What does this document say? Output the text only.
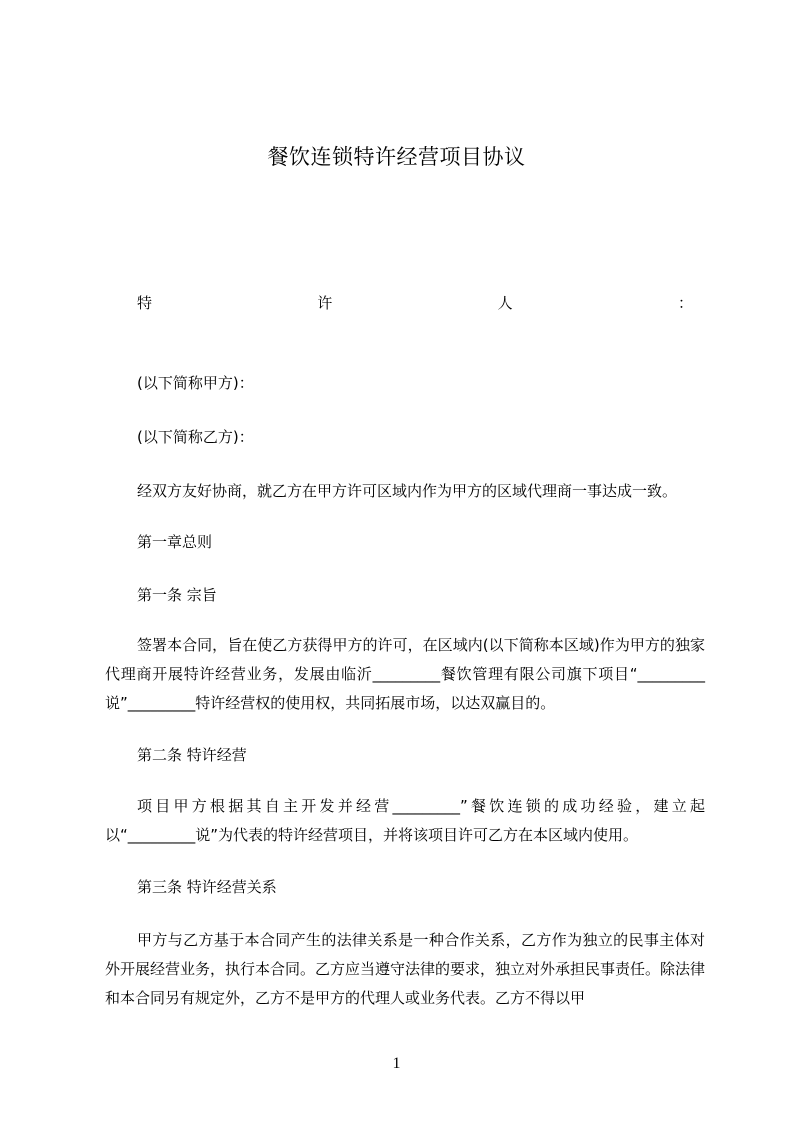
餐饮连锁特许经营项目协议
特	许	人	：

(以下简称甲方)：

(以下简称乙方)：

经双方友好协商，就乙方在甲方许可区域内作为甲方的区域代理商一事达成一致。

第一章总则

第一条 宗旨

签署本合同，旨在使乙方获得甲方的许可，在区域内(以下简称本区域)作为甲方的独家代理商开展特许经营业务，发展由临沂_________餐饮管理有限公司旗下项目“_________说”_________特许经营权的使用权，共同拓展市场，以达双赢目的。

第二条 特许经营

项目甲方根据其自主开发并经营_________”餐饮连锁的成功经验，建立起以“_________说”为代表的特许经营项目，并将该项目许可乙方在本区域内使用。

第三条 特许经营关系

甲方与乙方基于本合同产生的法律关系是一种合作关系，乙方作为独立的民事主体对外开展经营业务，执行本合同。乙方应当遵守法律的要求，独立对外承担民事责任。除法律和本合同另有规定外，乙方不是甲方的代理人或业务代表。乙方不得以甲

1
